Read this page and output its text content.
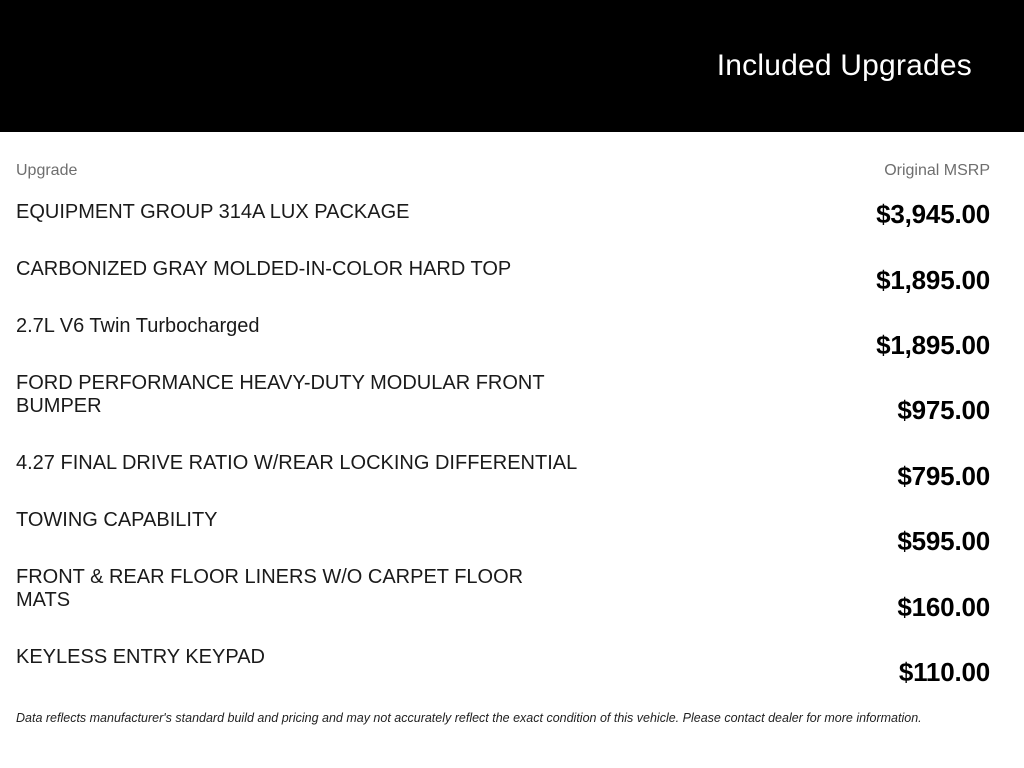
Included Upgrades
Upgrade	Original MSRP
EQUIPMENT GROUP 314A LUX PACKAGE
CARBONIZED GRAY MOLDED-IN-COLOR HARD TOP
2.7L V6 Twin Turbocharged
FORD PERFORMANCE HEAVY-DUTY MODULAR FRONT BUMPER
4.27 FINAL DRIVE RATIO W/REAR LOCKING DIFFERENTIAL
TOWING CAPABILITY
FRONT & REAR FLOOR LINERS W/O CARPET FLOOR MATS
KEYLESS ENTRY KEYPAD
$3,945.00
$1,895.00
$1,895.00
$975.00
$795.00
$595.00
$160.00
$110.00
Data reflects manufacturer's standard build and pricing and may not accurately reflect the exact condition of this vehicle. Please contact dealer for more information.
